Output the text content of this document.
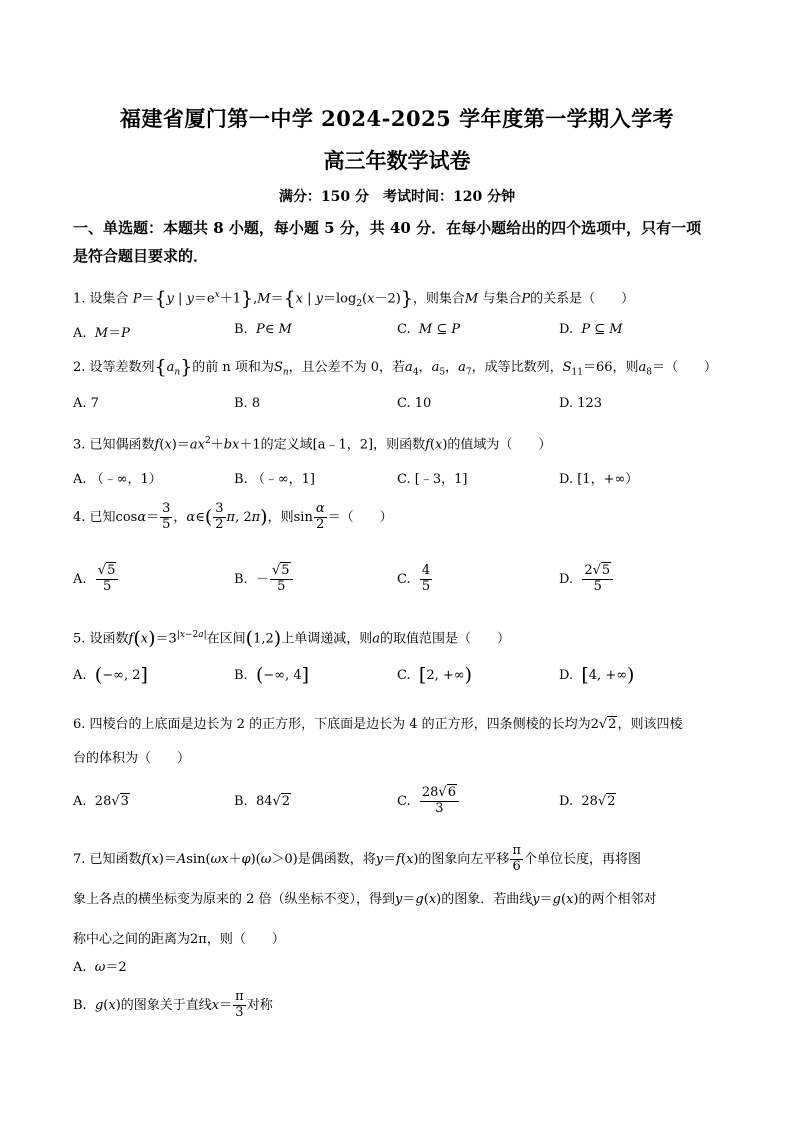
福建省厦门第一中学 2024-2025 学年度第一学期入学考
高三年数学试卷
满分：150 分　考试时间：120 分钟
一、单选题：本题共 8 小题，每小题 5 分，共 40 分．在每小题给出的四个选项中，只有一项
是符合题目要求的．
1. 设集合 P＝{y | $y=e^x+1\},M=\{x$ | $y=\log_2(x-2)$}，则集合M 与集合P的关系是（　　）
A. M＝P	B. P∈ M	C. M ⊆ P	D. P ⊆ M
2. 设等差数列$\{a_n\}$的前 n 项和为$S_n$，且公差不为 0，若$a_4$，$a_5$，$a_7$，成等比数列，$S_{11}=66$，则$a_8=$（　　）
A. 7	B. 8	C. 10	D. 123
3. 已知偶函数$f(x)=ax^2+bx+1$的定义域[a﹣1，2]，则函数f(x)的值域为（　　）
A. （﹣∞，1）	B. （﹣∞，1]	C. [﹣3，1]	D. [1，+∞）
4. 已知$\cos\alpha= \frac{3}{5}$ ，α∈( $\frac{3}{2} \pi$, 2π)，则$\sin \frac{\alpha}{2}$ ＝（　　）
A. $\frac{√5}{5}$	B.  － $\frac{√5}{5}$	C. $\frac{4}{5}$	D. $\frac{2√5}{5}$
5. 设函数$f(x)=3^{|x-2a|}$在区间(1,2)上单调递减，则a的取值范围是（　　）
A. (−∞, 2]	B. (−∞, 4]	C. [2, +∞)	D. [4, +∞)
6. 四棱台的上底面是边长为 2 的正方形，下底面是边长为 4 的正方形，四条侧棱的长均为2√2，则该四棱
台的体积为（　　）
A.  28√3	B.  84√2	C. $\frac{28√6}{3}$	D.  28√2
7. 已知函数f(x)＝Asin(ωx＋φ)(ω＞0)是偶函数，将y＝f(x)的图象向左平移 $\frac{\pi}{6}$ 个单位长度，再将图
象上各点的横坐标变为原来的 2 倍（纵坐标不变），得到y＝g(x)的图象．若曲线y＝g(x)的两个相邻对
称中心之间的距离为2π，则（　　）
A. ω＝2
B. g(x)的图象关于直线$x= \frac{\pi}{3}$ 对称
